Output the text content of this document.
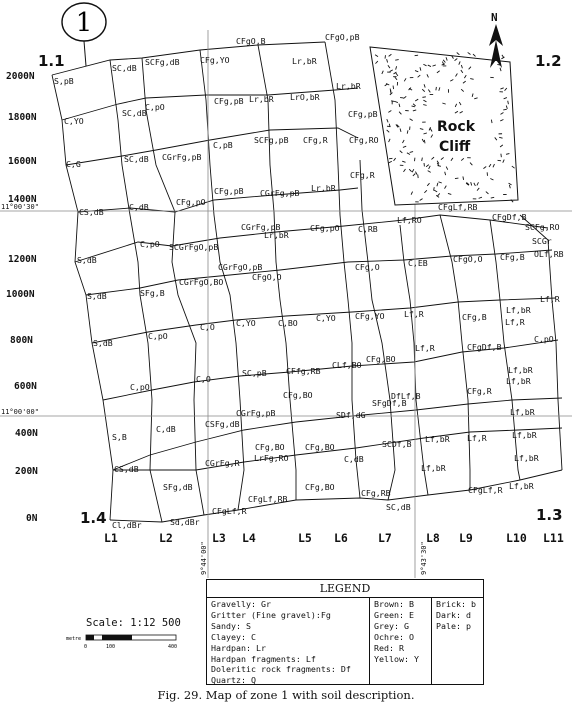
Rock
Cliff
1	N
1.1	1.2
1.4	1.3
11°00'30"
11°00'00"
9°44'00"	9°43'30"
2000N
1800N
1600N
1400N
1200N
1000N
800N
600N
400N
200N
0N
L1	L2	L3 L4	L5 L6	L7	L8 L9	L10 L11
CFgO,B	CFgO,pB
S,pB
SC,dB
SCFg,dB CFg,YO	Lr,bR
Lr,bR
CFg,pB Lr,bR LrO,bR
C,pO
SC,dB
C,YO
CFg,pB
C,pB	SCFg,pB
CFg,R
CFg,RO
CFg,R
C,G	SC,dB CGrFg,pB
CFg,pB CGrFg,pB Lr,bR
CFgLf,RB
CS,dB	C,dB	CFg,pO
CFgDf,B
Lf,RO
CGrFg,pB
Lr,bR
CFg,pO C,RB	SCFg,RO
SCGr
OLf,RB
C,pO SCGrFgO,pB
CGrFgO,pB	CFg,O	C,EB	CFgO,O CFg,B
S,dB
CGrFgO,BO	CFgO,O
SFg,B
S,dB	Lf,R
Lf,bR
C,O	C,YO	C,BO C,YO CFg,YO Lf,R	CFg,B Lf,R
C,pO
S,dB
CFg,BO
Lf,R	CFgDf,B
C,pO
C,O
SC,pB CFfg,RB
CLf,BO	Lf,bR
C,pO
CFg,BO	CFg,R
Lf,bR
DfLf,B
SFgDf,B
SDf,dG
CGrFg,pB
CSFg,dB
Lf,bR
C,dB
S,B
SCDf,B Lf,bR Lf,R	Lf,bR
CS,dB
CFg,BO CFg,BO
LrFg,RO	C,dB
CGrFg,R	Lf,bR
Lf,bR
SFg,dB
CFg,RB	CFgLf,R Lf,bR
CFgLf,RB
CFgLf,R
Sd,dBr
Cl,dBr
SC,dB
CFg,BO
Scale: 1:12 500
metre
0	100	400
LEGEND
Gravelly: Gr
Gritter (Fine gravel):Fg
Sandy: S
Clayey: C
Hardpan: Lr
Hardpan fragments: Lf
Doleritic rock fragments: Df
Quartz: Q
Brown: B
Green: E
Grey: G
Ochre: O
Red: R
Yellow: Y
Brick: b
Dark: d
Pale: p
Fig. 29. Map of zone 1 with soil description.
